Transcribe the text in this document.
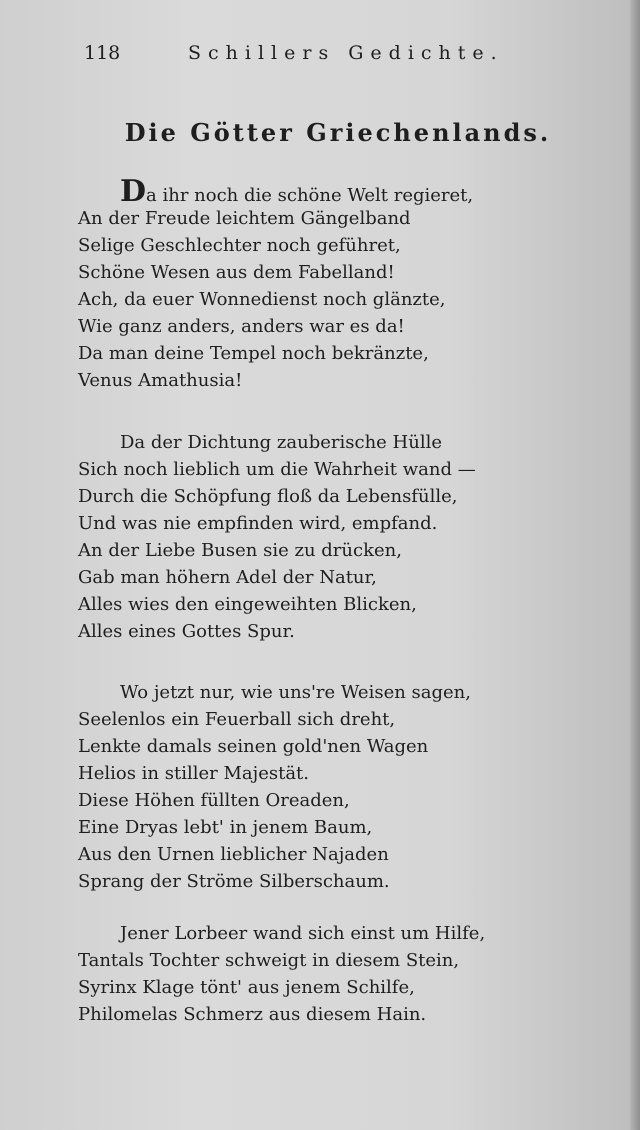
118	Schillers Gedichte.
Die Götter Griechenlands.
Da ihr noch die schöne Welt regieret,
An der Freude leichtem Gängelband
Selige Geschlechter noch geführet,
Schöne Wesen aus dem Fabelland!
Ach, da euer Wonnedienst noch glänzte,
Wie ganz anders, anders war es da!
Da man deine Tempel noch bekränzte,
Venus Amathusia!
Da der Dichtung zauberische Hülle
Sich noch lieblich um die Wahrheit wand —
Durch die Schöpfung floß da Lebensfülle,
Und was nie empfinden wird, empfand.
An der Liebe Busen sie zu drücken,
Gab man höhern Adel der Natur,
Alles wies den eingeweihten Blicken,
Alles eines Gottes Spur.
Wo jetzt nur, wie uns're Weisen sagen,
Seelenlos ein Feuerball sich dreht,
Lenkte damals seinen gold'nen Wagen
Helios in stiller Majestät.
Diese Höhen füllten Oreaden,
Eine Dryas lebt' in jenem Baum,
Aus den Urnen lieblicher Najaden
Sprang der Ströme Silberschaum.
Jener Lorbeer wand sich einst um Hilfe,
Tantals Tochter schweigt in diesem Stein,
Syrinx Klage tönt' aus jenem Schilfe,
Philomelas Schmerz aus diesem Hain.
